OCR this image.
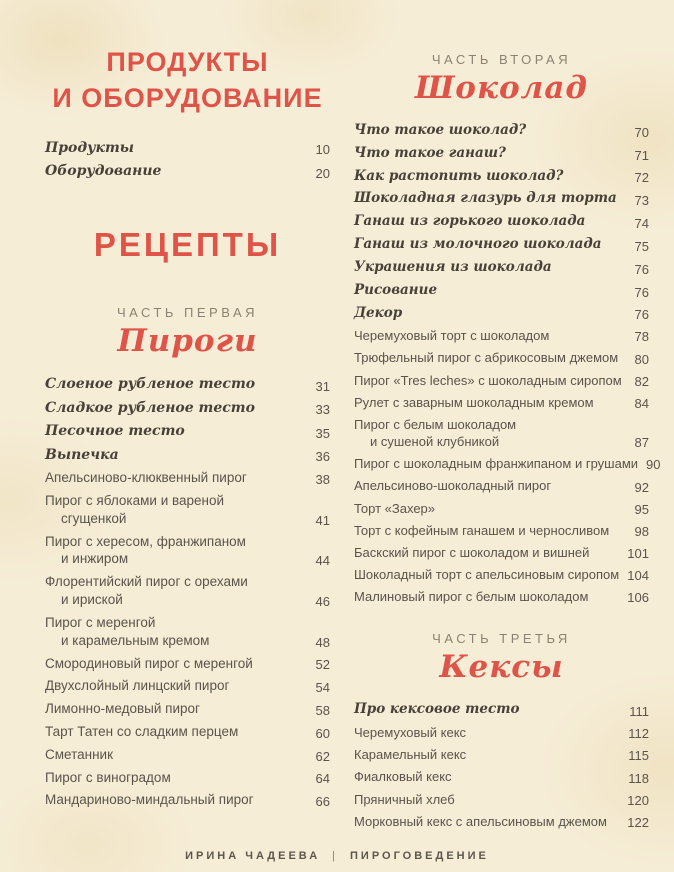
ПРОДУКТЫ
И ОБОРУДОВАНИЕ
Продукты	10
Оборудование	20
РЕЦЕПТЫ
ЧАСТЬ ПЕРВАЯ
Пироги
Слоеное рубленое тесто	31
Сладкое рубленое тесто	33
Песочное тесто	35
Выпечка	36
Апельсиново-клюквенный пирог	38
Пирог с яблоками и вареной
сгущенкой	41
Пирог с хересом, франжипаном
и инжиром	44
Флорентийский пирог с орехами
и ириской	46
Пирог с меренгой
и карамельным кремом	48
Смородиновый пирог с меренгой	52
Двухслойный линцский пирог	54
Лимонно-медовый пирог	58
Тарт Татен со сладким перцем	60
Сметанник	62
Пирог с виноградом	64
Мандариново-миндальный пирог	66
ЧАСТЬ ВТОРАЯ
Шоколад
Что такое шоколад?	70
Что такое ганаш?	71
Как растопить шоколад?	72
Шоколадная глазурь для торта 73
Ганаш из горького шоколада	74
Ганаш из молочного шоколада	75
Украшения из шоколада	76
Рисование	76
Декор	76
Черемуховый торт с шоколадом	78
Трюфельный пирог с абрикосовым джемом 80
Пирог «Tres leches» с шоколадным сиропом 82
Рулет с заварным шоколадным кремом	84
Пирог с белым шоколадом
и сушеной клубникой	87
Пирог с шоколадным франжипаном и грушами 90
Апельсиново-шоколадный пирог	92
Торт «Захер»	95
Торт с кофейным ганашем и черносливом 98
Баскский пирог с шоколадом и вишней	101
Шоколадный торт с апельсиновым сиропом 104
Малиновый пирог с белым шоколадом	106
ЧАСТЬ ТРЕТЬЯ
Кексы
Про кексовое тесто	111
Черемуховый кекс	112
Карамельный кекс	115
Фиалковый кекс	118
Пряничный хлеб	120
Морковный кекс с апельсиновым джемом 122
ИРИНА ЧАДЕЕВА | ПИРОГОВЕДЕНИЕ
